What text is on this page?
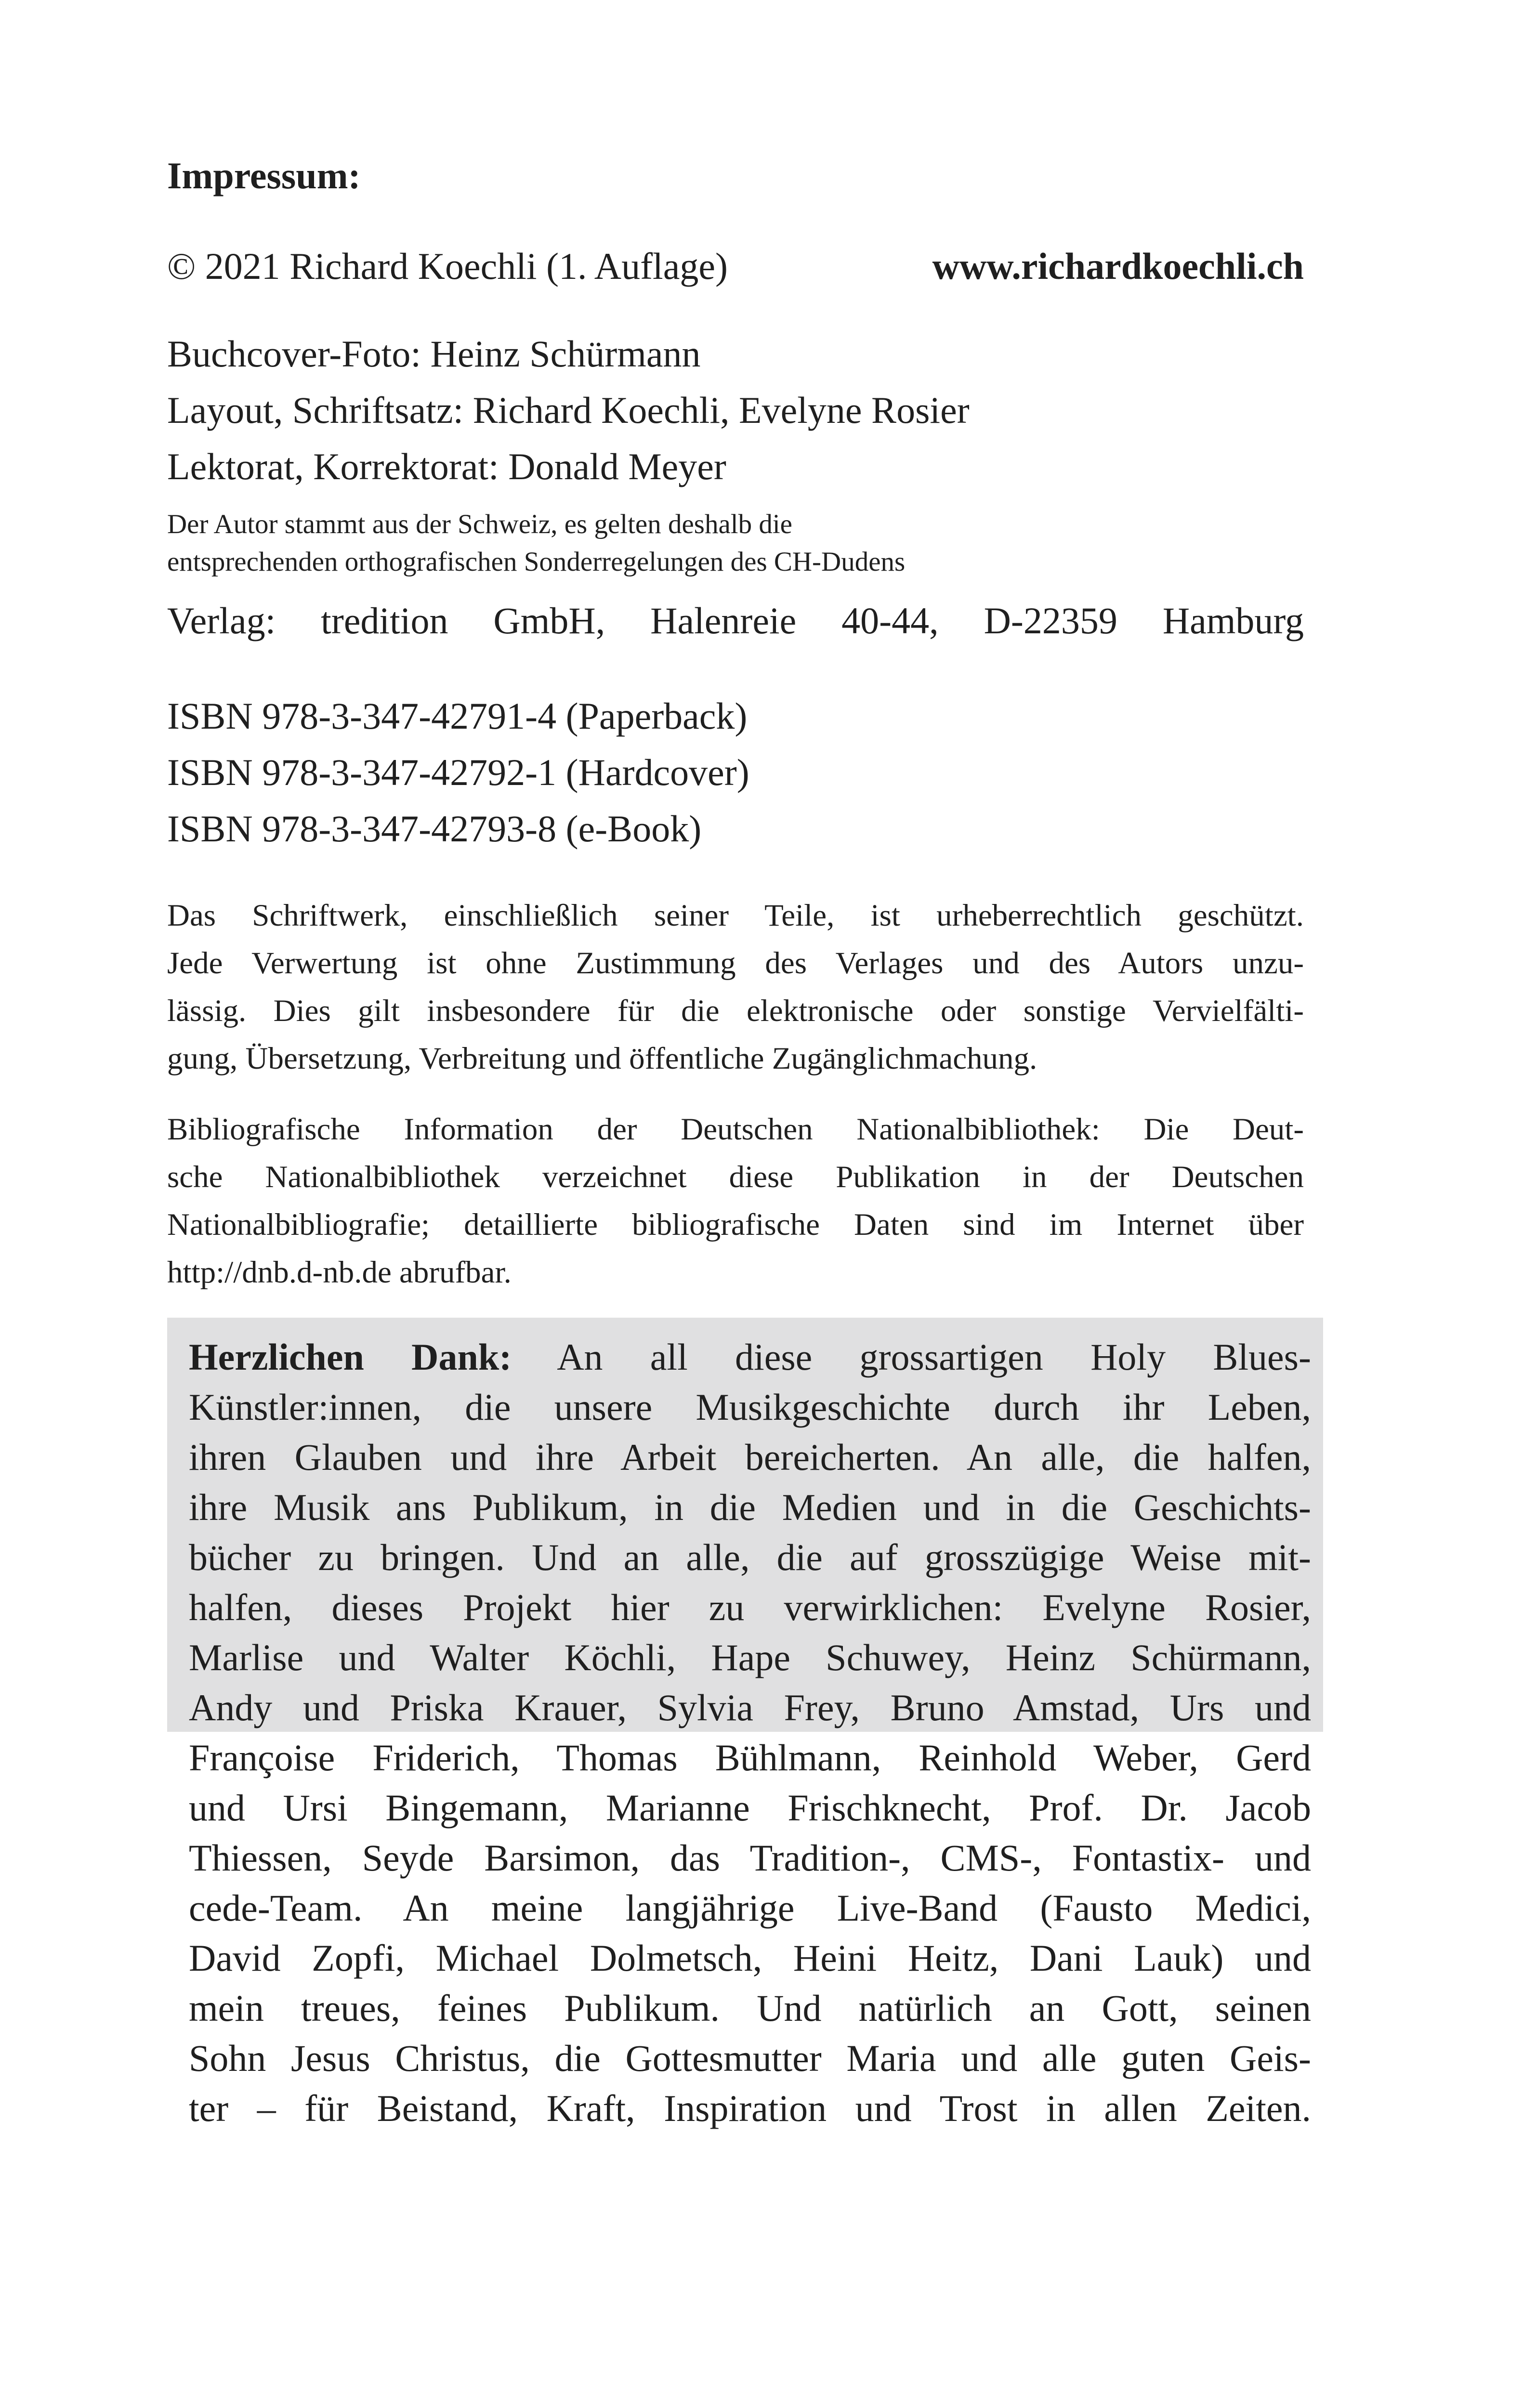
Impressum:
© 2021 Richard Koechli (1. Auflage)	www.richardkoechli.ch
Buchcover-Foto: Heinz Schürmann
Layout, Schriftsatz: Richard Koechli, Evelyne Rosier
Lektorat, Korrektorat: Donald Meyer
Der Autor stammt aus der Schweiz, es gelten deshalb die
entsprechenden orthografischen Sonderregelungen des CH-Dudens
Verlag: tredition GmbH, Halenreie 40-44, D-22359 Hamburg
ISBN 978-3-347-42791-4 (Paperback)
ISBN 978-3-347-42792-1 (Hardcover)
ISBN 978-3-347-42793-8 (e-Book)
Das Schriftwerk, einschließlich seiner Teile, ist urheberrechtlich geschützt.
Jede Verwertung ist ohne Zustimmung des Verlages und des Autors unzu-
lässig. Dies gilt insbesondere für die elektronische oder sonstige Vervielfälti-
gung, Übersetzung, Verbreitung und öffentliche Zugänglichmachung.
Bibliografische Information der Deutschen Nationalbibliothek: Die Deut-
sche Nationalbibliothek verzeichnet diese Publikation in der Deutschen
Nationalbibliografie; detaillierte bibliografische Daten sind im Internet über
http://dnb.d-nb.de abrufbar.
Herzlichen Dank: An all diese grossartigen Holy Blues-
Künstler:innen, die unsere Musikgeschichte durch ihr Leben,
ihren Glauben und ihre Arbeit bereicherten. An alle, die halfen,
ihre Musik ans Publikum, in die Medien und in die Geschichts-
bücher zu bringen. Und an alle, die auf grosszügige Weise mit-
halfen, dieses Projekt hier zu verwirklichen: Evelyne Rosier,
Marlise und Walter Köchli, Hape Schuwey, Heinz Schürmann,
Andy und Priska Krauer, Sylvia Frey, Bruno Amstad, Urs und
Françoise Friderich, Thomas Bühlmann, Reinhold Weber, Gerd
und Ursi Bingemann, Marianne Frischknecht, Prof. Dr. Jacob
Thiessen, Seyde Barsimon, das Tradition-, CMS-, Fontastix- und
cede-Team. An meine langjährige Live-Band (Fausto Medici,
David Zopfi, Michael Dolmetsch, Heini Heitz, Dani Lauk) und
mein treues, feines Publikum. Und natürlich an Gott, seinen
Sohn Jesus Christus, die Gottesmutter Maria und alle guten Geis-
ter – für Beistand, Kraft, Inspiration und Trost in allen Zeiten.
